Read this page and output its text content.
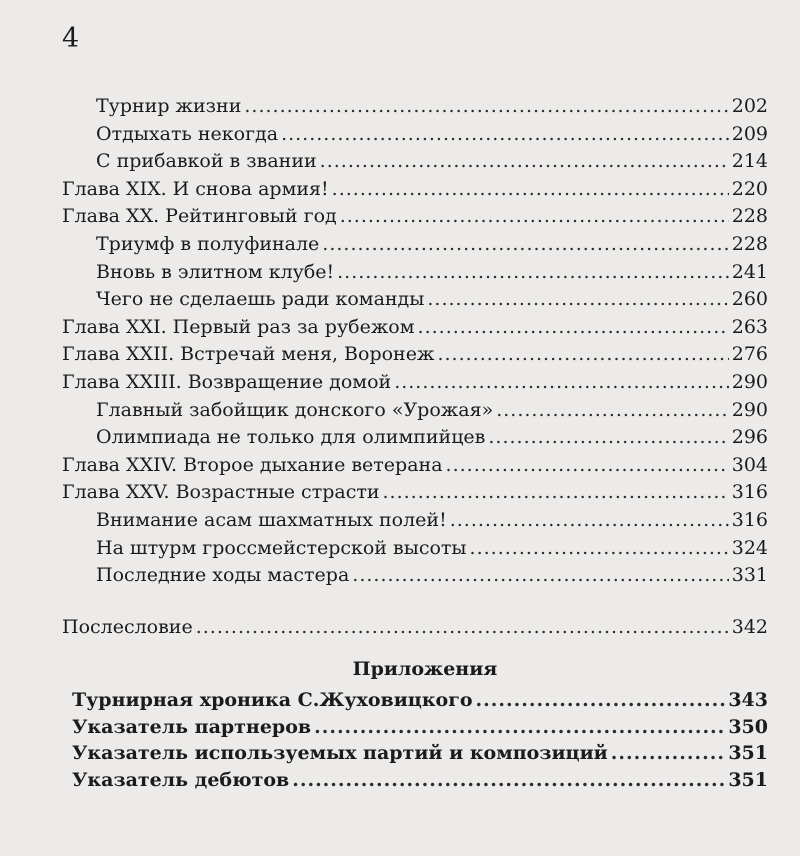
4
Турнир жизни .....	202
Отдыхать некогда .....	209
С прибавкой в звании .....	214
Глава XIX. И снова армия! .....	220
Глава XX. Рейтинговый год .....	228
Триумф в полуфинале .....	228
Вновь в элитном клубе! .....	241
Чего не сделаешь ради команды .....	260
Глава XXI. Первый раз за рубежом .....	263
Глава XXII. Встречай меня, Воронеж .....	276
Глава XXIII. Возвращение домой .....	290
Главный забойщик донского «Урожая» .....	290
Олимпиада не только для олимпийцев .....	296
Глава XXIV. Второе дыхание ветерана .....	304
Глава XXV. Возрастные страсти .....	316
Внимание асам шахматных полей! .....	316
На штурм гроссмейстерской высоты .....	324
Последние ходы мастера .....	331
Послесловие .....	342
Приложения
Турнирная хроника С.Жуховицкого .....	343
Указатель партнеров .....	350
Указатель используемых партий и композиций .....	351
Указатель дебютов .....	351
